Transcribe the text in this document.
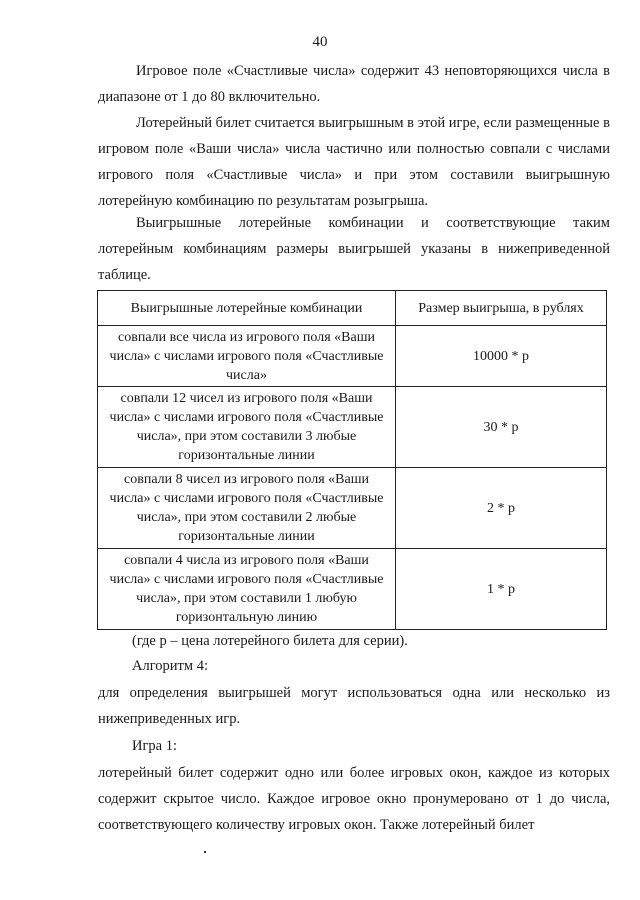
40

Игровое поле «Счастливые числа» содержит 43 неповторяющихся числа в диапазоне от 1 до 80 включительно.

Лотерейный билет считается выигрышным в этой игре, если размещенные в игровом поле «Ваши числа» числа частично или полностью совпали с числами игрового поля «Счастливые числа» и при этом составили выигрышную лотерейную комбинацию по результатам розыгрыша.

Выигрышные лотерейные комбинации и соответствующие таким лотерейным комбинациям размеры выигрышей указаны в нижеприведенной таблице.

Выигрышные лотерейные комбинации	Размер выигрыша, в рублях
совпали все числа из игрового поля «Ваши числа» с числами игрового поля «Счастливые числа»	10000 * р
совпали 12 чисел из игрового поля «Ваши числа» с числами игрового поля «Счастливые числа», при этом составили 3 любые горизонтальные линии	30 * р
совпали 8 чисел из игрового поля «Ваши числа» с числами игрового поля «Счастливые числа», при этом составили 2 любые горизонтальные линии	2 * р
совпали 4 числа из игрового поля «Ваши числа» с числами игрового поля «Счастливые числа», при этом составили 1 любую горизонтальную линию	1 * р

(где р – цена лотерейного билета для серии).

Алгоритм 4:

для определения выигрышей могут использоваться одна или несколько из нижеприведенных игр.

Игра 1:

лотерейный билет содержит одно или более игровых окон, каждое из которых содержит скрытое число. Каждое игровое окно пронумеровано от 1 до числа, соответствующего количеству игровых окон. Также лотерейный билет
